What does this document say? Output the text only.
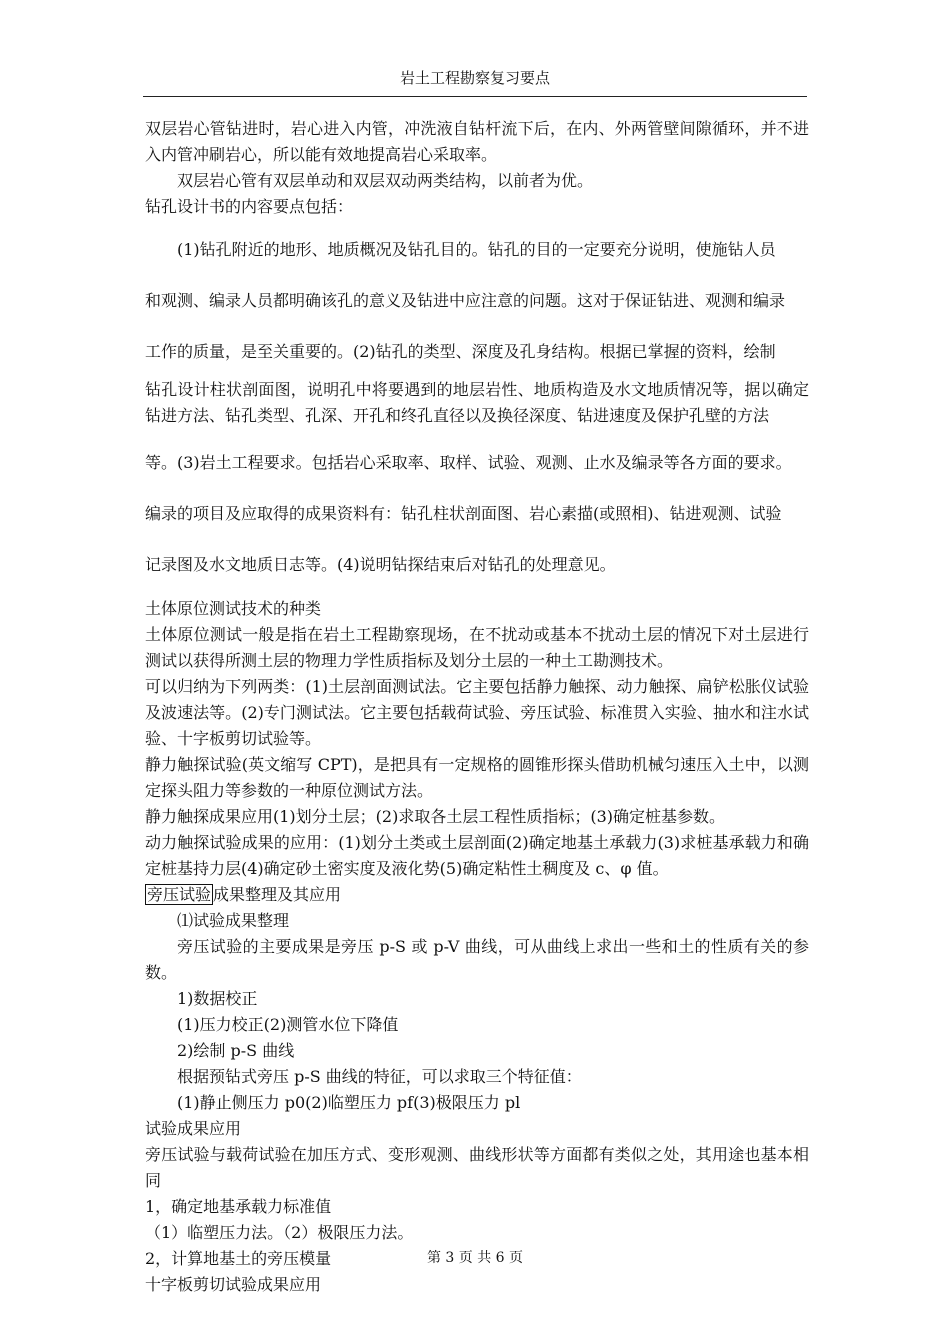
岩土工程勘察复习要点

双层岩心管钻进时，岩心进入内管，冲洗液自钻杆流下后，在内、外两管壁间隙循环，并不进入内管冲刷岩心，所以能有效地提高岩心采取率。

双层岩心管有双层单动和双层双动两类结构，以前者为优。

钻孔设计书的内容要点包括：

(1)钻孔附近的地形、地质概况及钻孔目的。钻孔的目的一定要充分说明，使施钻人员

和观测、编录人员都明确该孔的意义及钻进中应注意的问题。这对于保证钻进、观测和编录

工作的质量，是至关重要的。(2)钻孔的类型、深度及孔身结构。根据已掌握的资料，绘制

钻孔设计柱状剖面图，说明孔中将要遇到的地层岩性、地质构造及水文地质情况等，据以确定钻进方法、钻孔类型、孔深、开孔和终孔直径以及换径深度、钻进速度及保护孔壁的方法

等。(3)岩土工程要求。包括岩心采取率、取样、试验、观测、止水及编录等各方面的要求。

编录的项目及应取得的成果资料有：钻孔柱状剖面图、岩心素描(或照相)、钻进观测、试验

记录图及水文地质日志等。(4)说明钻探结束后对钻孔的处理意见。

土体原位测试技术的种类

土体原位测试一般是指在岩土工程勘察现场，在不扰动或基本不扰动土层的情况下对土层进行测试以获得所测土层的物理力学性质指标及划分土层的一种土工勘测技术。

可以归纳为下列两类：(1)土层剖面测试法。它主要包括静力触探、动力触探、扁铲松胀仪试验及波速法等。(2)专门测试法。它主要包括载荷试验、旁压试验、标准贯入实验、抽水和注水试验、十字板剪切试验等。

静力触探试验(英文缩写 CPT)，是把具有一定规格的圆锥形探头借助机械匀速压入土中，以测定探头阻力等参数的一种原位测试方法。

静力触探成果应用(1)划分土层；(2)求取各土层工程性质指标；(3)确定桩基参数。

动力触探试验成果的应用：(1)划分土类或土层剖面(2)确定地基土承载力(3)求桩基承载力和确定桩基持力层(4)确定砂土密实度及液化势(5)确定粘性土稠度及 c、φ 值。

旁压试验 成果整理及其应用

⑴试验成果整理

旁压试验的主要成果是旁压 p-S 或 p-V 曲线，可从曲线上求出一些和土的性质有关的参数。

1)数据校正

(1)压力校正(2)测管水位下降值

2)绘制 p-S 曲线

根据预钻式旁压 p-S 曲线的特征，可以求取三个特征值：

(1)静止侧压力 p0(2)临塑压力 pf(3)极限压力 pl

试验成果应用

旁压试验与载荷试验在加压方式、变形观测、曲线形状等方面都有类似之处，其用途也基本相同

1，确定地基承载力标准值

（1）临塑压力法。（2）极限压力法。

2，计算地基土的旁压模量

十字板剪切试验成果应用

第 3 页 共 6 页
